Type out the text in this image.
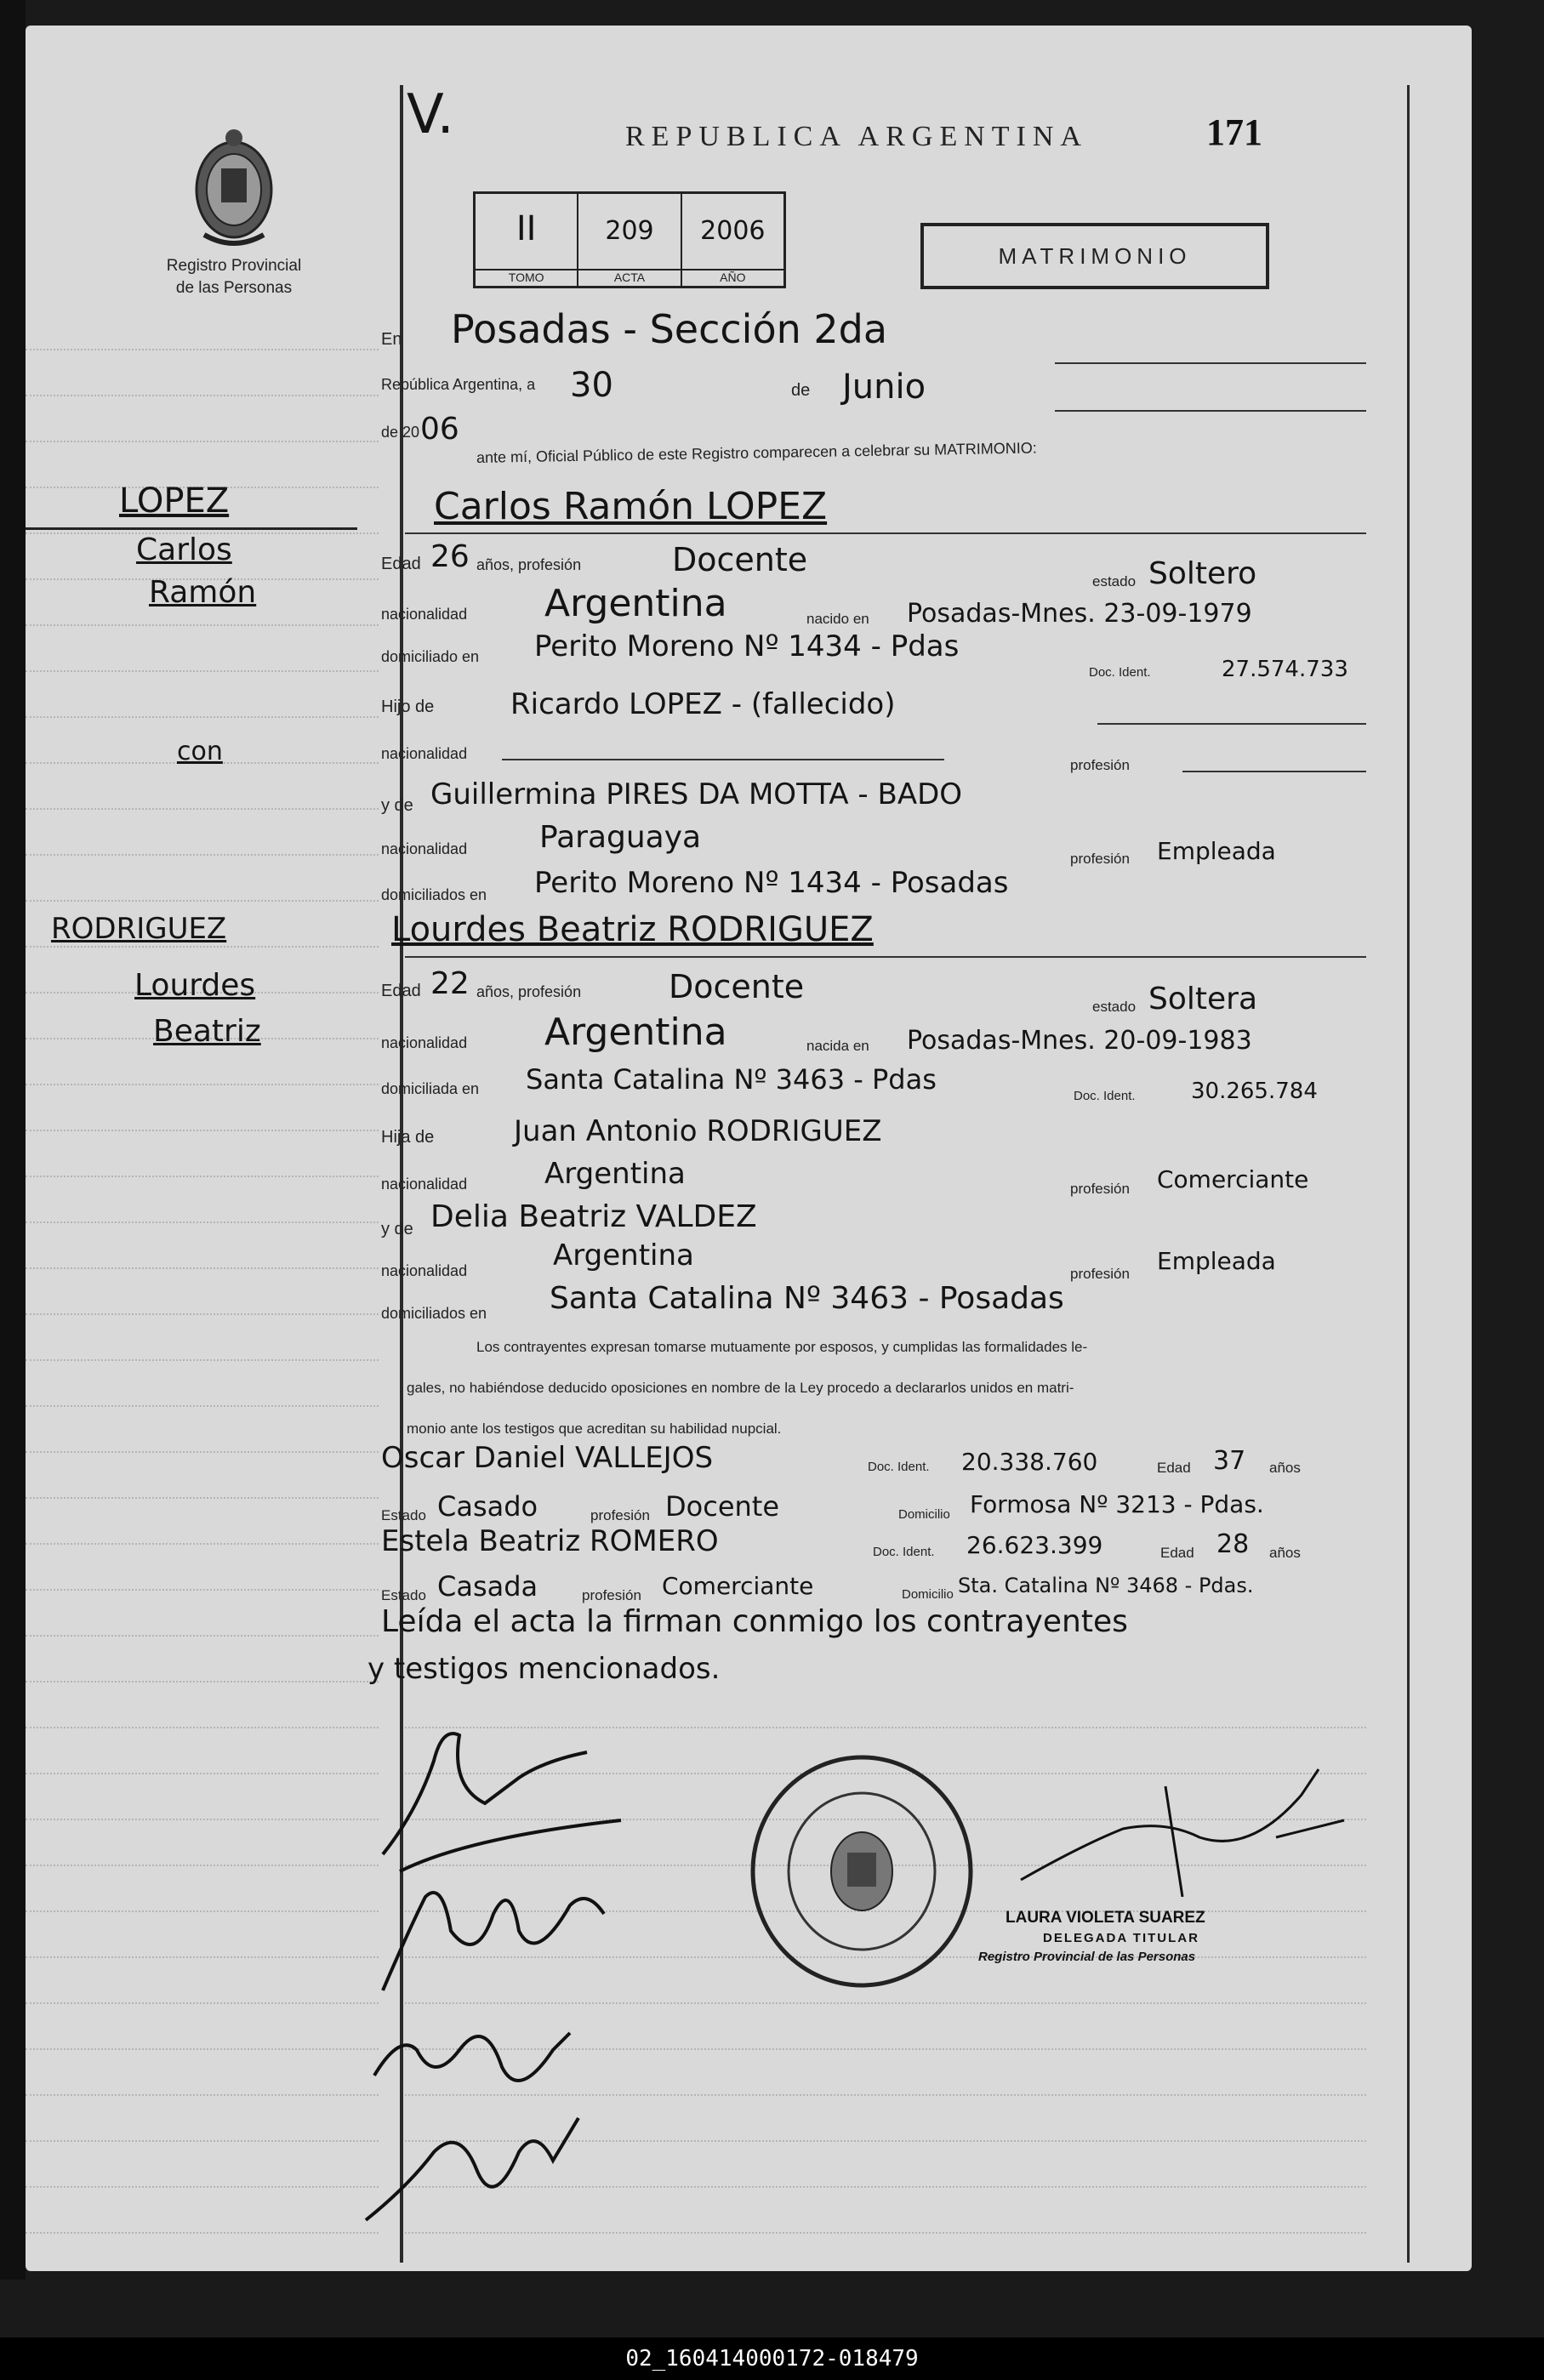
V.	REPUBLICA ARGENTINA	171
Registro Provincial
de las Personas
II
TOMO
209
ACTA
2006
AÑO
MATRIMONIO
En Posadas - Sección 2da
República Argentina, a 30	de Junio
de 20 06
ante mí, Oficial Público de este Registro comparecen a celebrar su MATRIMONIO:
LOPEZ
Carlos
Ramón
con
RODRIGUEZ
Lourdes
Beatriz
Carlos Ramón LOPEZ
Edad 26 años, profesión	Docente
estado Soltero
nacionalidad Argentina	nacido en Posadas-Mnes. 23-09-1979
domiciliado en Perito Moreno Nº 1434 - Pdas
Doc. Ident.	27.574.733
Hijo de	Ricardo LOPEZ - (fallecido)
nacionalidad
profesión
y de Guillermina PIRES DA MOTTA - BADO
nacionalidad Paraguaya
profesión Empleada
domiciliados en Perito Moreno Nº 1434 - Posadas
Lourdes Beatriz RODRIGUEZ
Edad 22 años, profesión	Docente
estado Soltera
nacionalidad Argentina	nacida en Posadas-Mnes. 20-09-1983
domiciliada en Santa Catalina Nº 3463 - Pdas
Doc. Ident.	30.265.784
Hija de	Juan Antonio RODRIGUEZ
nacionalidad	Argentina	profesión Comerciante
y de Delia Beatriz VALDEZ
nacionalidad	Argentina
profesión Empleada
domiciliados en Santa Catalina Nº 3463 - Posadas
Los contrayentes expresan tomarse mutuamente por esposos, y cumplidas las formalidades le-
gales, no habiéndose deducido oposiciones en nombre de la Ley procedo a declararlos unidos en matri-
monio ante los testigos que acreditan su habilidad nupcial.
Oscar Daniel VALLEJOS	Doc. Ident. 20.338.760	Edad 37 años
Estado Casado	profesión Docente	Domicilio Formosa Nº 3213 - Pdas.
Estela Beatriz ROMERO	Doc. Ident. 26.623.399	Edad 28 años
Estado Casada	profesión Comerciante	Domicilio Sta. Catalina Nº 3468 - Pdas.
Leída el acta la firman conmigo los contrayentes
y testigos mencionados.
LAURA VIOLETA SUAREZ
DELEGADA TITULAR
Registro Provincial de las Personas
02_160414000172-018479
